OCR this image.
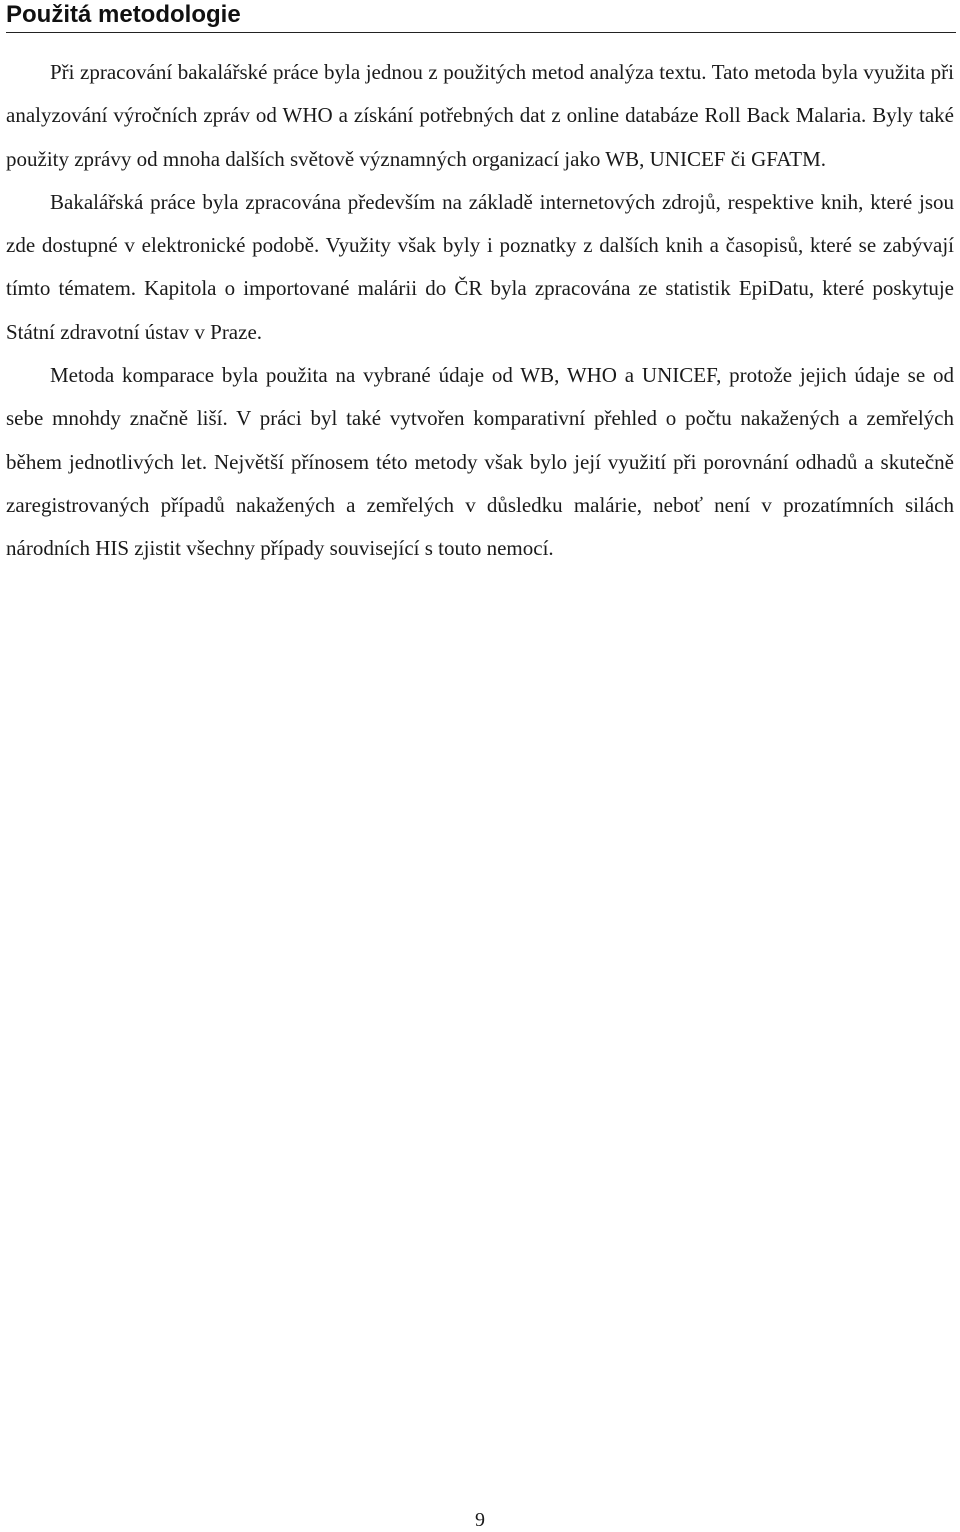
Použitá metodologie

Při zpracování bakalářské práce byla jednou z použitých metod analýza textu. Tato metoda byla využita při analyzování výročních zpráv od WHO a získání potřebných dat z online databáze Roll Back Malaria. Byly také použity zprávy od mnoha dalších světově významných organizací jako WB, UNICEF či GFATM.

Bakalářská práce byla zpracována především na základě internetových zdrojů, respektive knih, které jsou zde dostupné v elektronické podobě. Využity však byly i poznatky z dalších knih a časopisů, které se zabývají tímto tématem. Kapitola o importované malárii do ČR byla zpracována ze statistik EpiDatu, které poskytuje Státní zdravotní ústav v Praze.

Metoda komparace byla použita na vybrané údaje od WB, WHO a UNICEF, protože jejich údaje se od sebe mnohdy značně liší. V práci byl také vytvořen komparativní přehled o počtu nakažených a zemřelých během jednotlivých let. Největší přínosem této metody však bylo její využití při porovnání odhadů a skutečně zaregistrovaných případů nakažených a zemřelých v důsledku malárie, neboť není v prozatímních silách národních HIS zjistit všechny případy související s touto nemocí.

9
